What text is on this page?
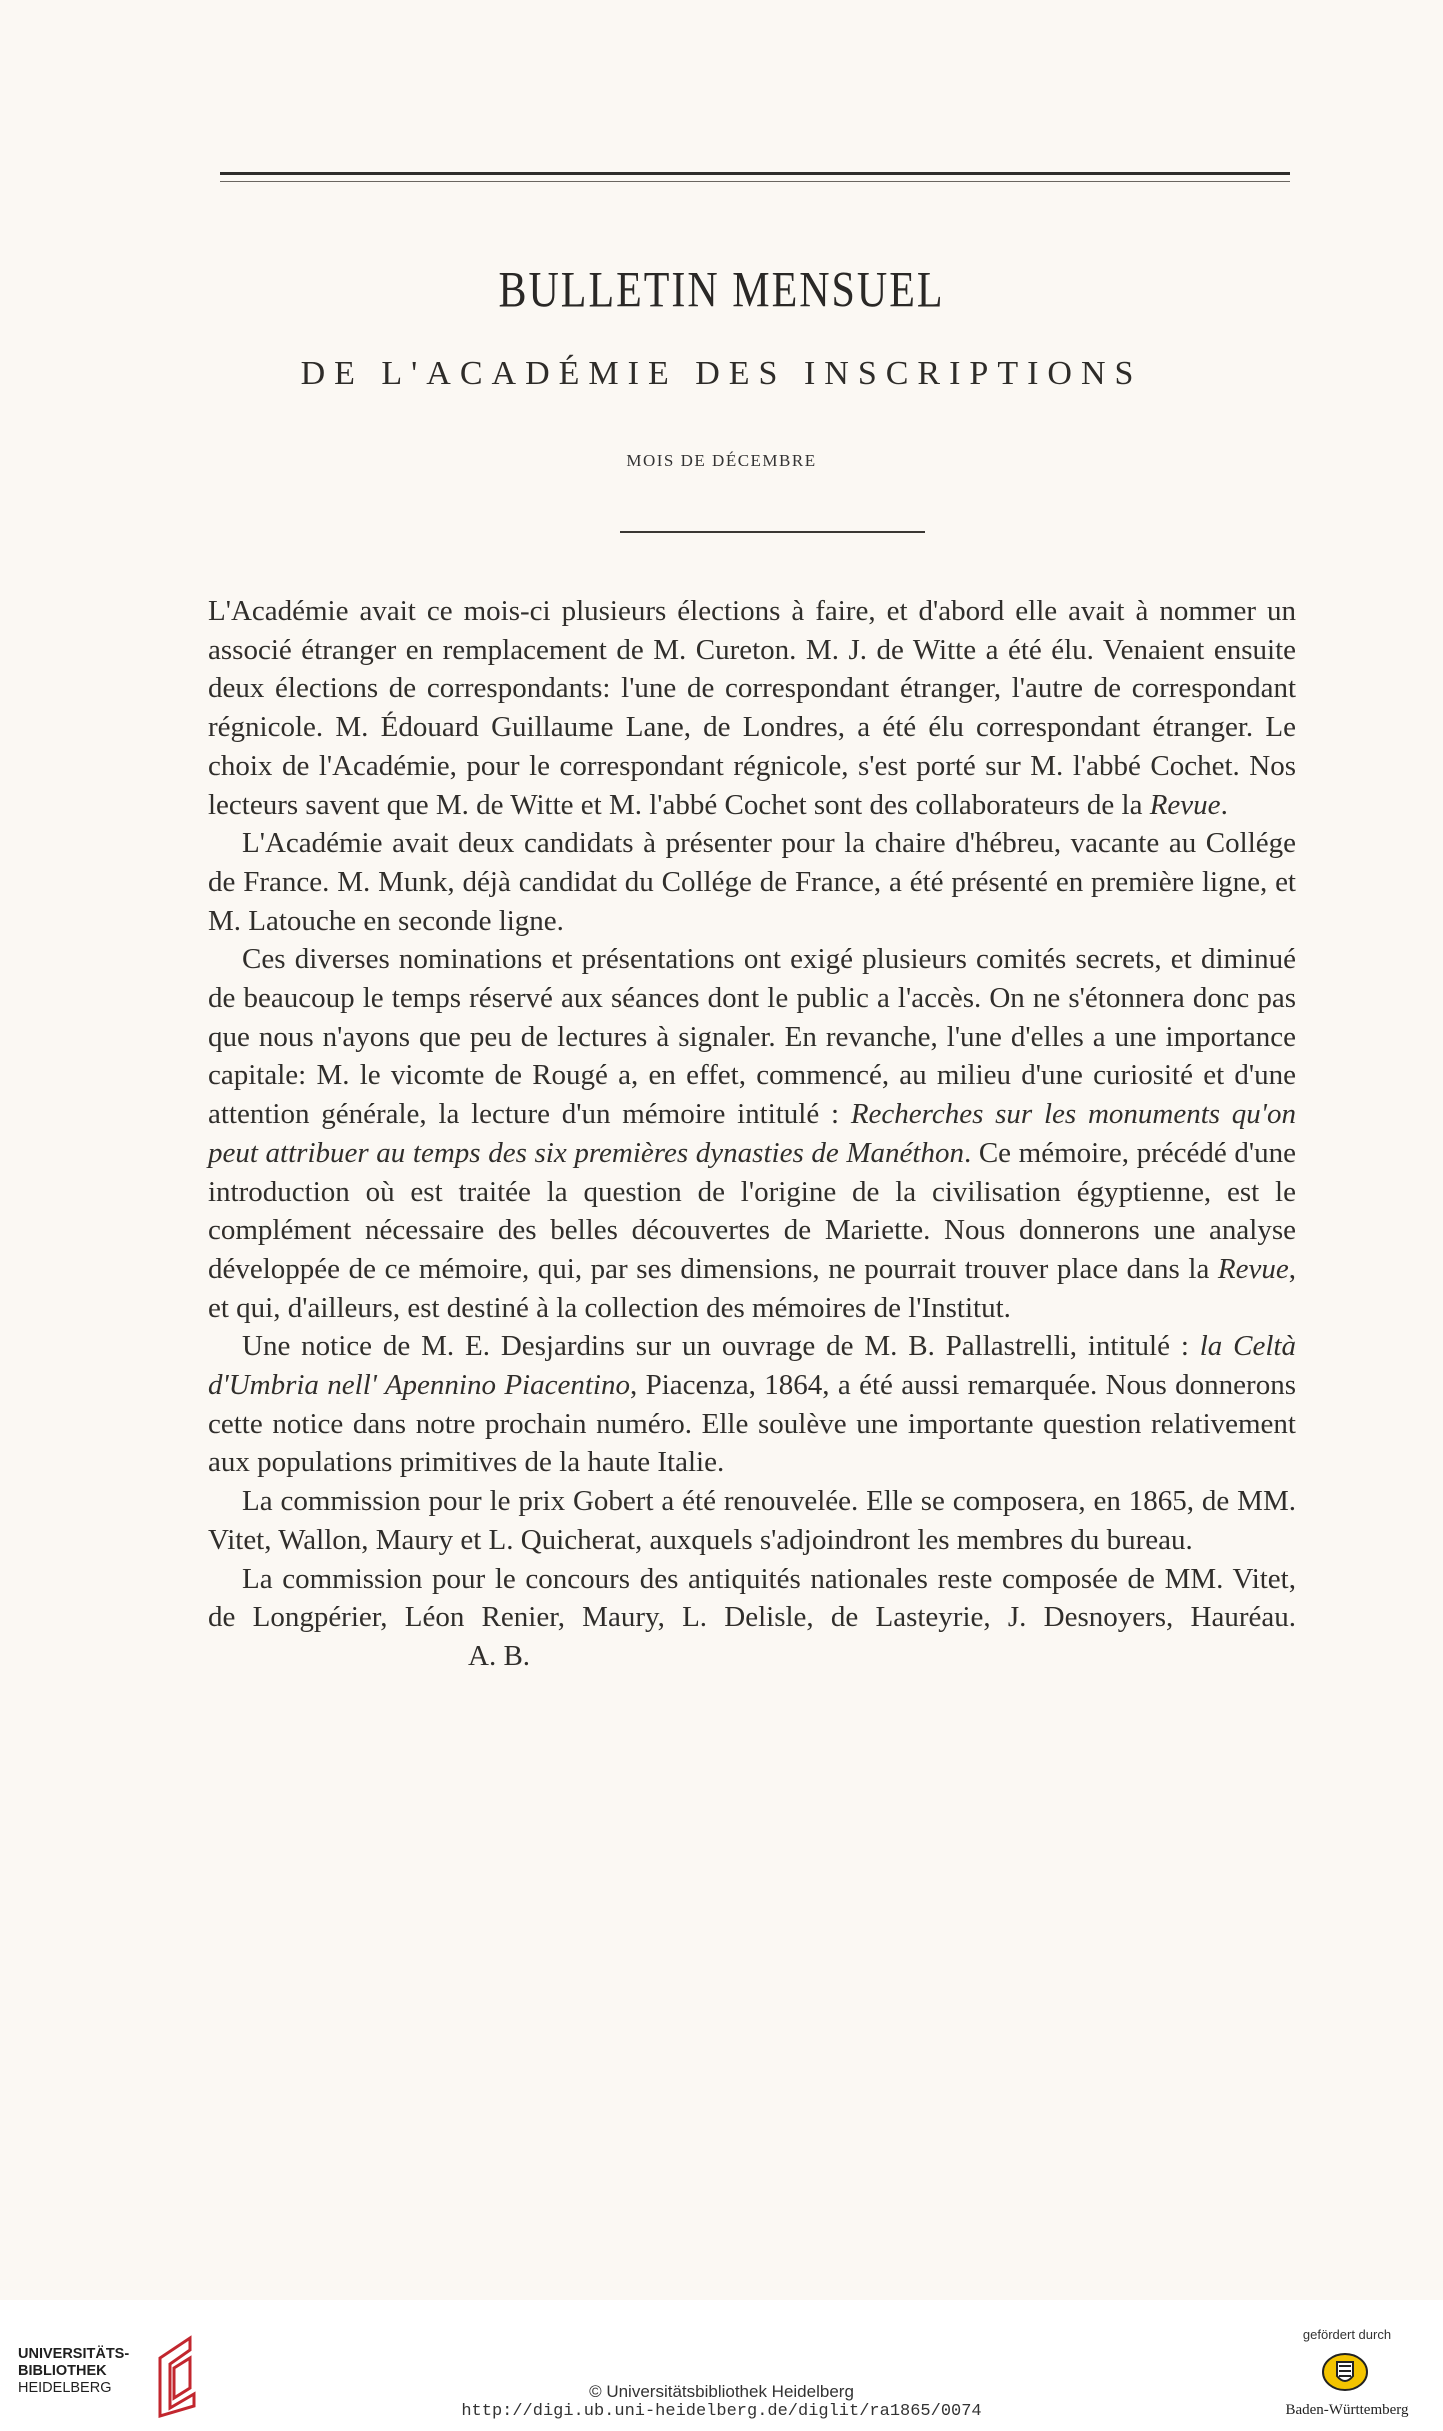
BULLETIN MENSUEL
DE L'ACADÉMIE DES INSCRIPTIONS
MOIS DE DÉCEMBRE

L'Académie avait ce mois-ci plusieurs élections à faire, et d'abord elle avait à nommer un associé étranger en remplacement de M. Cureton. M. J. de Witte a été élu. Venaient ensuite deux élections de correspondants: l'une de correspondant étranger, l'autre de correspondant régnicole. M. Édouard Guillaume Lane, de Londres, a été élu correspondant étranger. Le choix de l'Académie, pour le correspondant régnicole, s'est porté sur M. l'abbé Cochet. Nos lecteurs savent que M. de Witte et M. l'abbé Cochet sont des collaborateurs de la Revue.

L'Académie avait deux candidats à présenter pour la chaire d'hébreu, vacante au Collége de France. M. Munk, déjà candidat du Collége de France, a été présenté en première ligne, et M. Latouche en seconde ligne.

Ces diverses nominations et présentations ont exigé plusieurs comités secrets, et diminué de beaucoup le temps réservé aux séances dont le public a l'accès. On ne s'étonnera donc pas que nous n'ayons que peu de lectures à signaler. En revanche, l'une d'elles a une importance capitale: M. le vicomte de Rougé a, en effet, commencé, au milieu d'une curiosité et d'une attention générale, la lecture d'un mémoire intitulé : Recherches sur les monuments qu'on peut attribuer au temps des six premières dynasties de Manéthon. Ce mémoire, précédé d'une introduction où est traitée la question de l'origine de la civilisation égyptienne, est le complément nécessaire des belles découvertes de Mariette. Nous donnerons une analyse développée de ce mémoire, qui, par ses dimensions, ne pourrait trouver place dans la Revue, et qui, d'ailleurs, est destiné à la collection des mémoires de l'Institut.

Une notice de M. E. Desjardins sur un ouvrage de M. B. Pallastrelli, intitulé : la Celtà d'Umbria nell' Apennino Piacentino, Piacenza, 1864, a été aussi remarquée. Nous donnerons cette notice dans notre prochain numéro. Elle soulève une importante question relativement aux populations primitives de la haute Italie.

La commission pour le prix Gobert a été renouvelée. Elle se composera, en 1865, de MM. Vitet, Wallon, Maury et L. Quicherat, auxquels s'adjoindront les membres du bureau.

La commission pour le concours des antiquités nationales reste composée de MM. Vitet, de Longpérier, Léon Renier, Maury, L. Delisle, de Lasteyrie, J. Desnoyers, Hauréau.A. B.

UNIVERSITÄTS-
BIBLIOTHEK
HEIDELBERG	© Universitätsbibliothek Heidelberg
http://digi.ub.uni-heidelberg.de/diglit/ra1865/0074
gefördert durch
Baden-Württemberg
